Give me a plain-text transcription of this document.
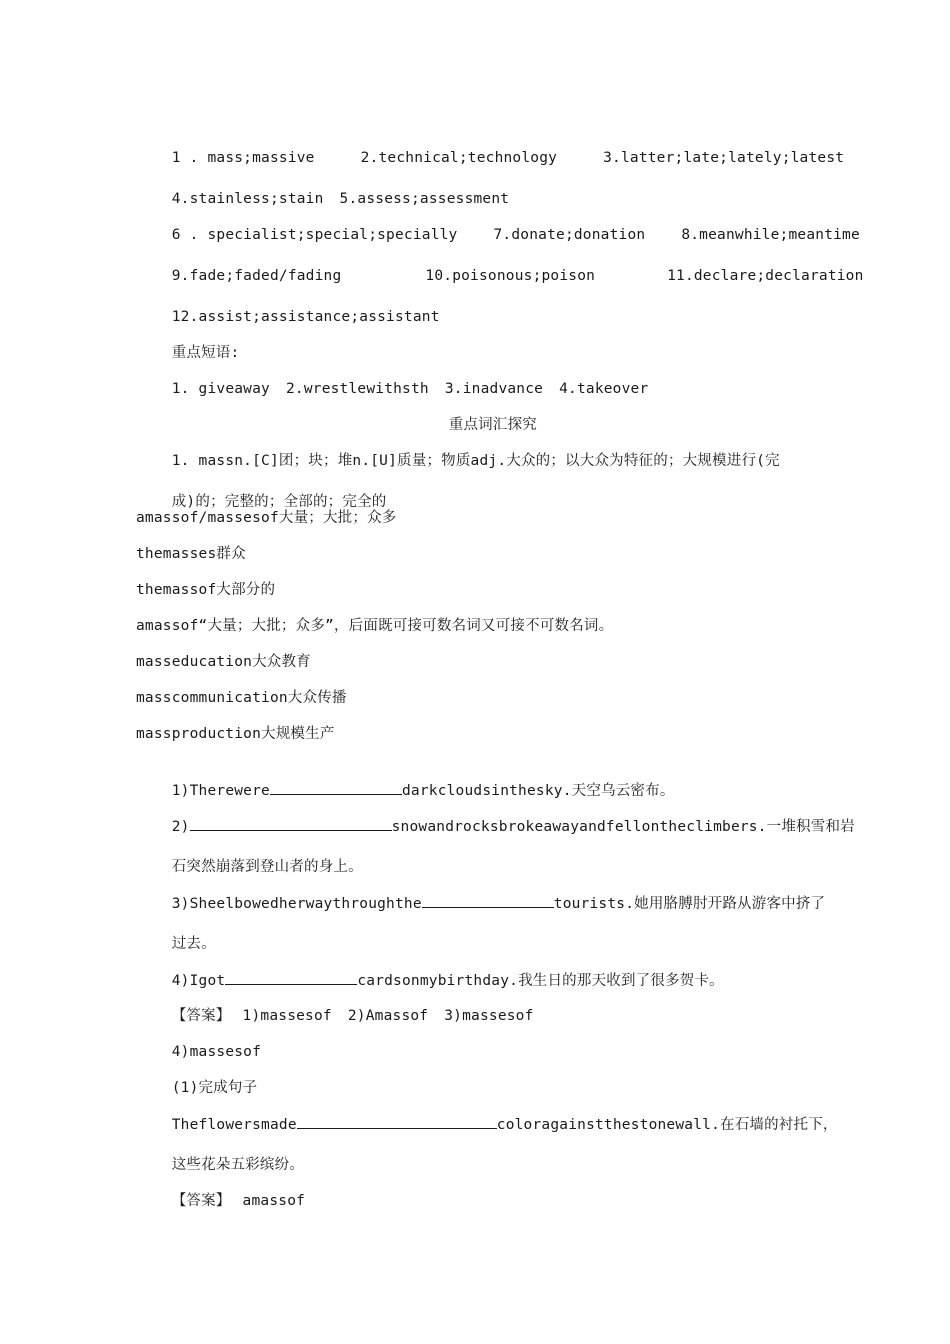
1 . mass;massive	2.technical;technology	3.latter;late;lately;latest

4.stainless;stain 5.assess;assessment

6 . specialist;special;specially 7.donate;donation 8.meanwhile;meantime

9.fade;faded/fading	10.poisonous;poison	11.declare;declaration

12.assist;assistance;assistant

重点短语:

1. giveaway 2.wrestlewithsth 3.inadvance 4.takeover

重点词汇探究

1. massn.[C]团；块；堆n.[U]质量；物质adj.大众的；以大众为特征的；大规模进行(完

成)的；完整的；全部的；完全的

amassof/massesof大量；大批；众多
themasses群众
themassof大部分的
amassof“大量；大批；众多”，后面既可接可数名词又可接不可数名词。
masseducation大众教育
masscommunication大众传播
massproduction大规模生产

1)Therewere	darkcloudsinthesky.天空乌云密布。

2)	snowandrocksbrokeawayandfellontheclimbers.一堆积雪和岩

石突然崩落到登山者的身上。

3)Sheelbowedherwaythroughthe	tourists.她用胳膊肘开路从游客中挤了

过去。

4)Igot	cardsonmybirthday.我生日的那天收到了很多贺卡。

【答案】 1)massesof 2)Amassof 3)massesof

4)massesof

(1)完成句子

Theflowersmade	coloragainstthestonewall.在石墙的衬托下，

这些花朵五彩缤纷。

【答案】 amassof
